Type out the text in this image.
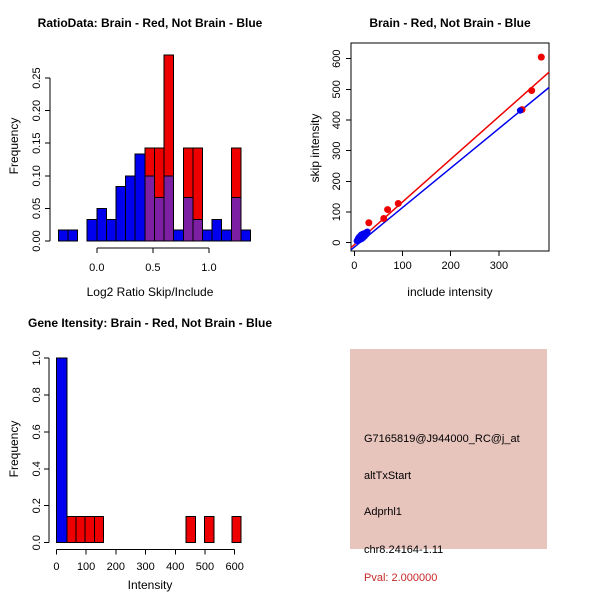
0.0	0.5	1.0
0.00
0.05
0.10
0.15
0.20
0.25
RatioData: Brain - Red, Not Brain - Blue
Frequency
Log2 Ratio Skip/Include
0	100	200	300
0
100
200
300
400
500
600
Brain - Red, Not Brain - Blue
skip intensity
include intensity
0 100 200 300 400 500 600
0.0
0.2
0.4
0.6
0.8
1.0
Gene Itensity: Brain - Red, Not Brain - Blue
Frequency
Intensity
G7165819@J944000_RC@j_at
altTxStart
Adprhl1
chr8.24164-1.11
Pval: 2.000000
